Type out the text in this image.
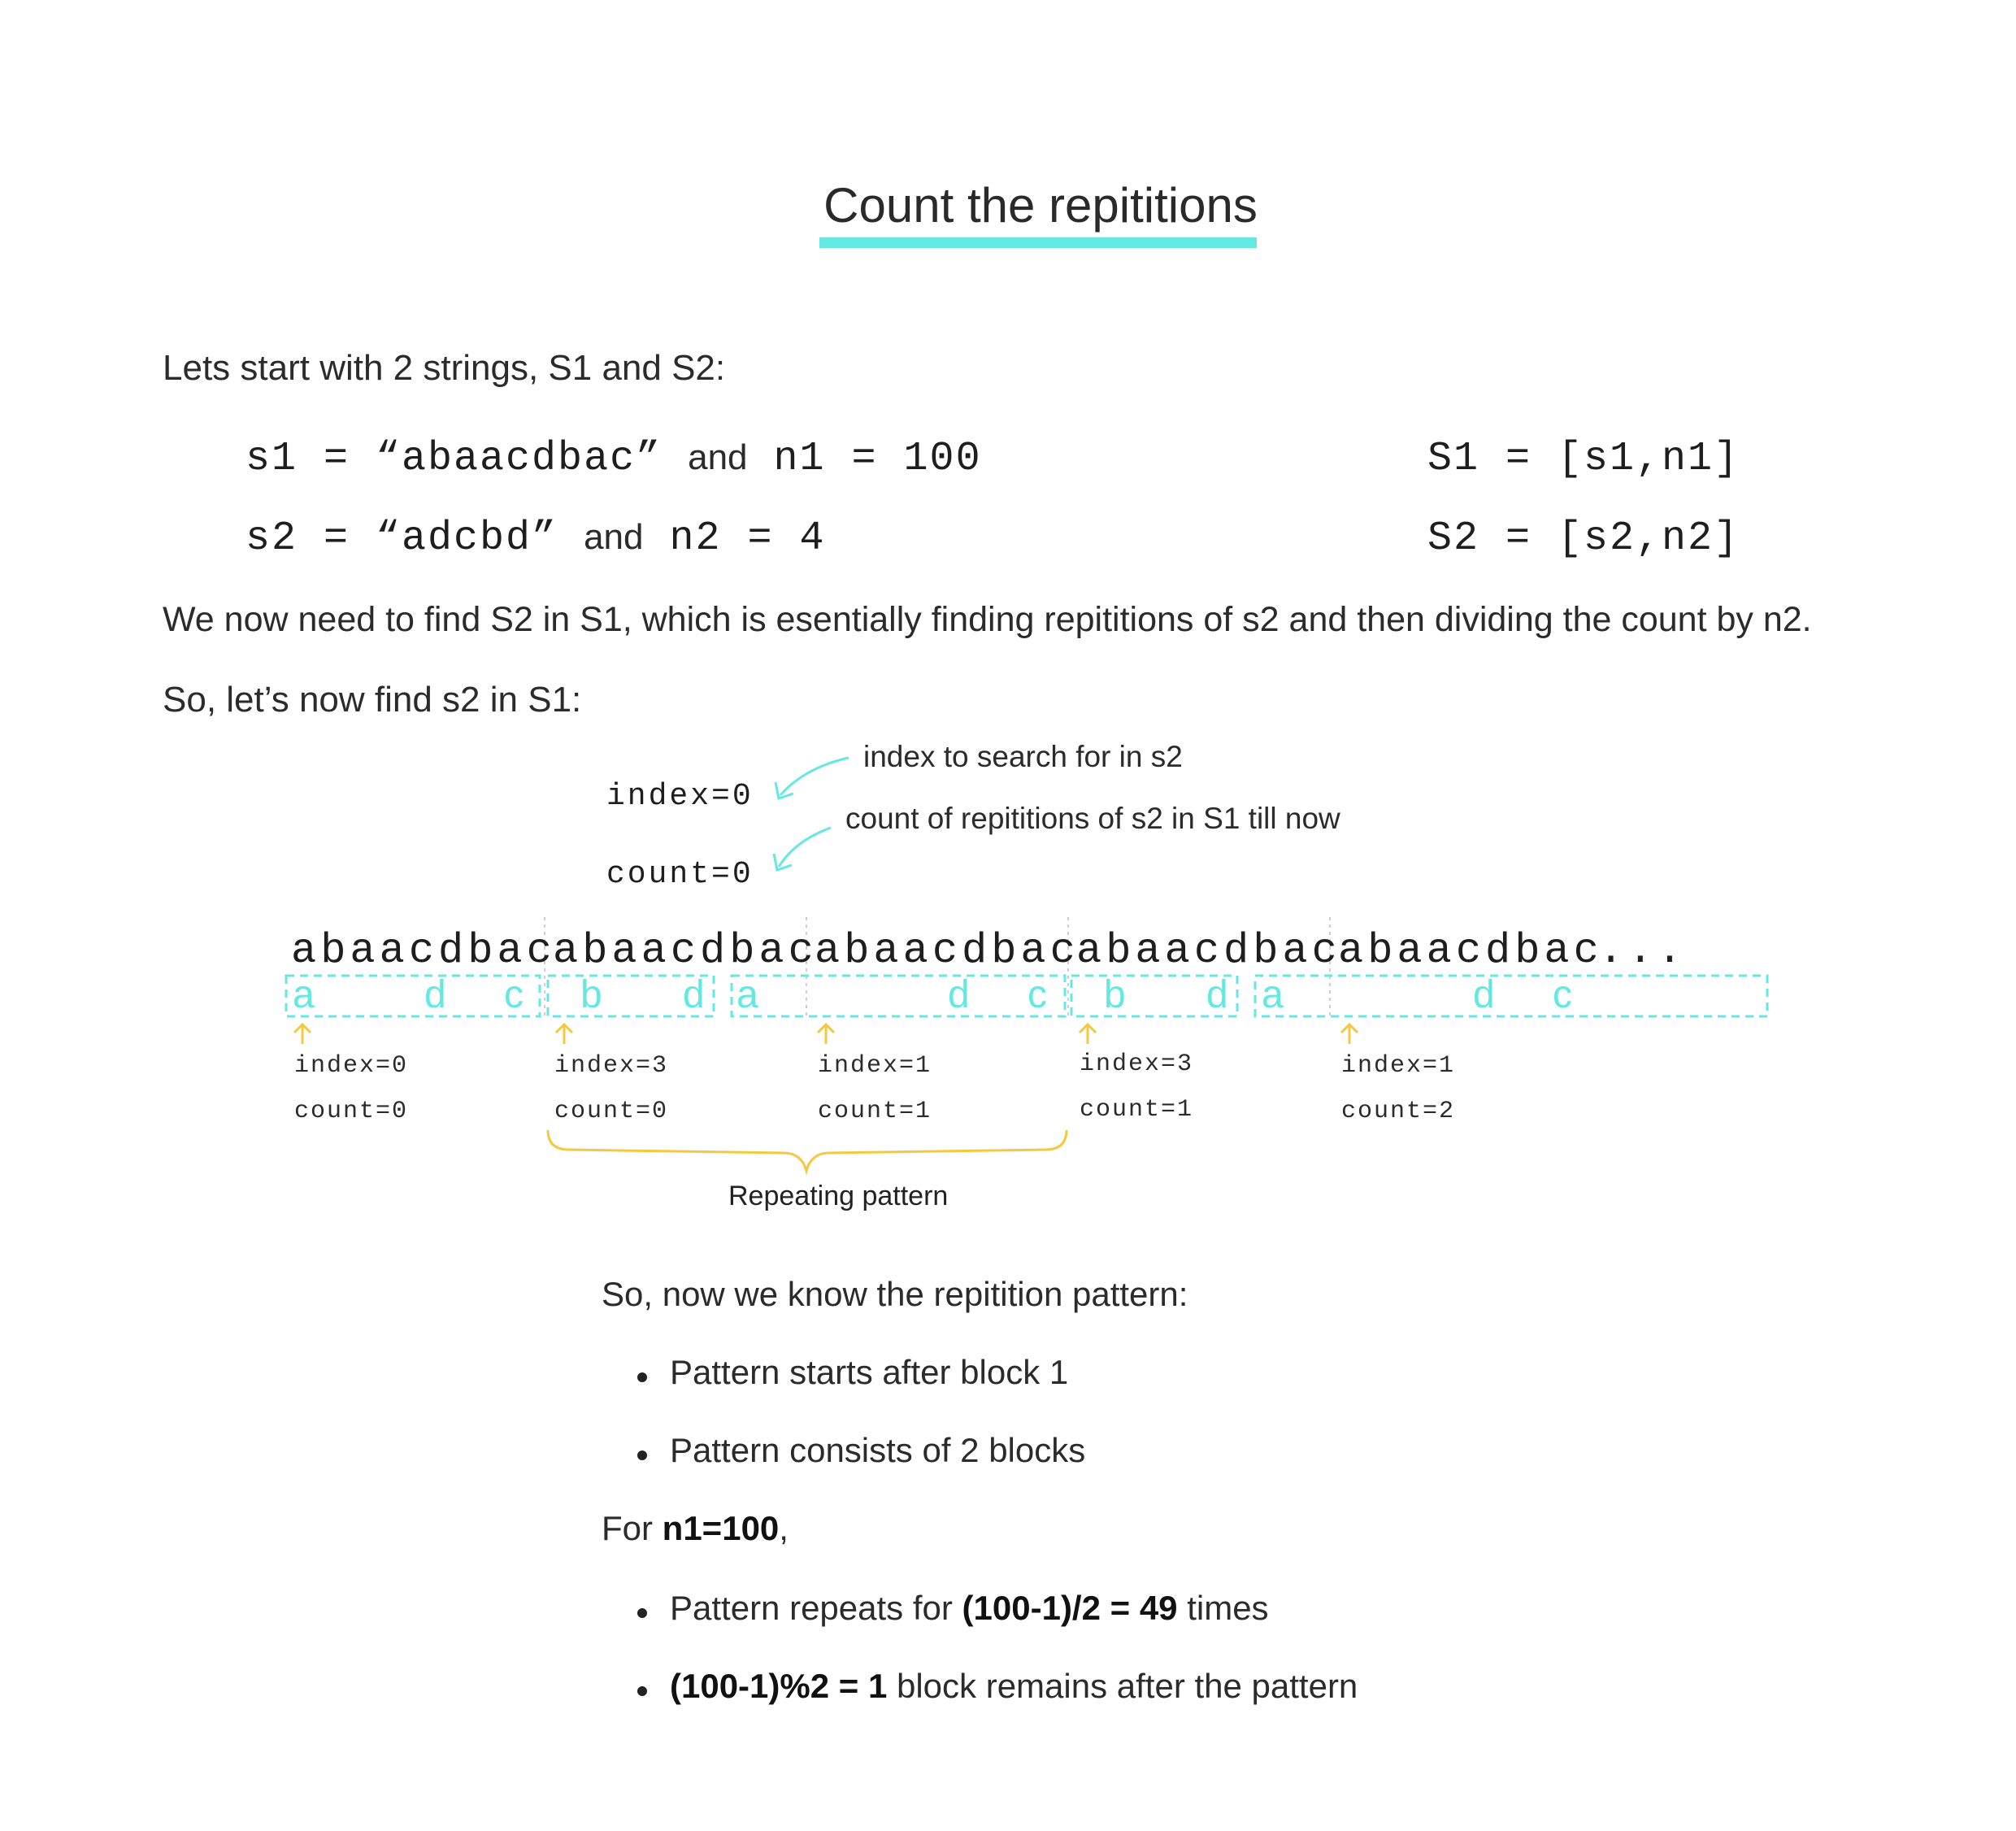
Count the repititions
Lets start with 2 strings, S1 and S2:
s1 = “abaacdbac” and n1 = 100
s2 = “adcbd” and n2 = 4
S1 = [s1,n1]
S2 = [s2,n2]
We now need to find S2 in S1, which is esentially finding repititions of s2 and then dividing the count by n2.
So, let’s now find s2 in S1:
index=0
count=0
index to search for in s2
count of repititions of s2 in S1 till now
abaacdbac
abaacdbac
abaacdbac
abaacdbac
abaacdbac
...
a	d c b d a	d c b d a	d c
index=0
count=0
index=3
count=0
index=1
count=1
index=3
count=1
index=1
count=2
Repeating pattern
So, now we know the repitition pattern:
Pattern starts after block 1
Pattern consists of 2 blocks
For n1=100,
Pattern repeats for (100-1)/2 = 49 times
(100-1)%2 = 1 block remains after the pattern
